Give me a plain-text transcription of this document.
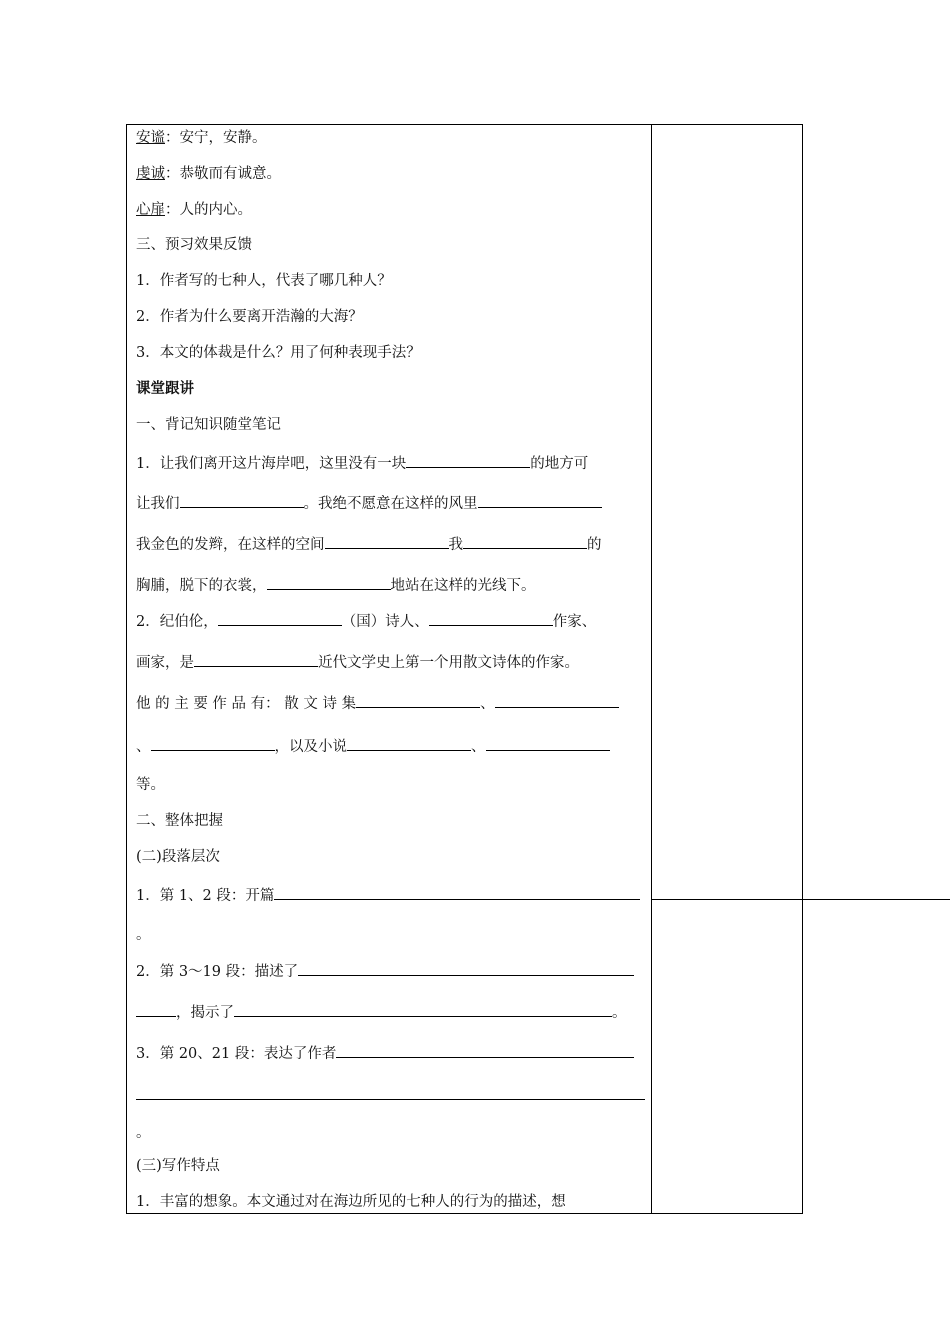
安谧：安宁，安静。
虔诚：恭敬而有诚意。
心扉：人的内心。
三、预习效果反馈
1．作者写的七种人，代表了哪几种人？
2．作者为什么要离开浩瀚的大海？
3．本文的体裁是什么？用了何种表现手法？
课堂跟讲
一、背记知识随堂笔记
1．让我们离开这片海岸吧，这里没有一块	的地方可
让我们	。我绝不愿意在这样的风里
我金色的发辫，在这样的空间	我	的
胸脯，脱下的衣裳，	地站在这样的光线下。
2．纪伯伦，	（国）诗人、	作家、
画家，是	近代文学史上第一个用散文诗体的作家。
他 的 主 要 作 品 有： 散 文 诗 集	、
、	，以及小说	、
等。
二、整体把握
(二)段落层次
1．第 1、2 段：开篇
。
2．第 3～19 段：描述了
，揭示了	。
3．第 20、21 段：表达了作者
。
(三)写作特点
1．丰富的想象。本文通过对在海边所见的七种人的行为的描述，想
